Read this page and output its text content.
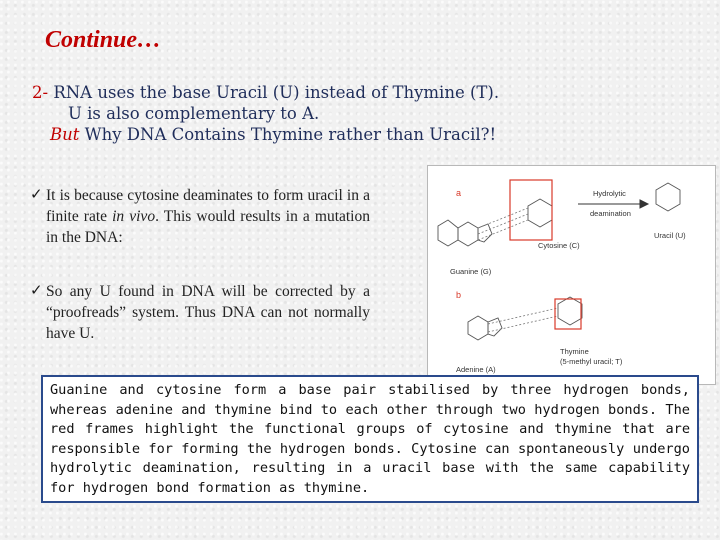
Continue…
2- RNA uses the base Uracil (U) instead of Thymine (T).
U is also complementary to A.
But Why DNA Contains Thymine rather than Uracil?!
✓ It is because cytosine deaminates to form uracil in a finite rate in vivo. This would results in a mutation in the DNA:
✓ So any U found in DNA will be corrected by a “proofreads” system. Thus DNA can not normally have U.
Hydrolytic
deamination
Cytosine (C)
Uracil (U)
Guanine (G)
Adenine (A)
Thymine
(5-methyl uracil; T)
a
b
Guanine and cytosine form a base pair stabilised by three hydrogen bonds, whereas adenine and thymine bind to each other through two hydrogen bonds. The red frames highlight the functional groups of cytosine and thymine that are responsible for forming the hydrogen bonds. Cytosine can spontaneously undergo hydrolytic deamination, resulting in a uracil base with the same capability for hydrogen bond formation as thymine.
